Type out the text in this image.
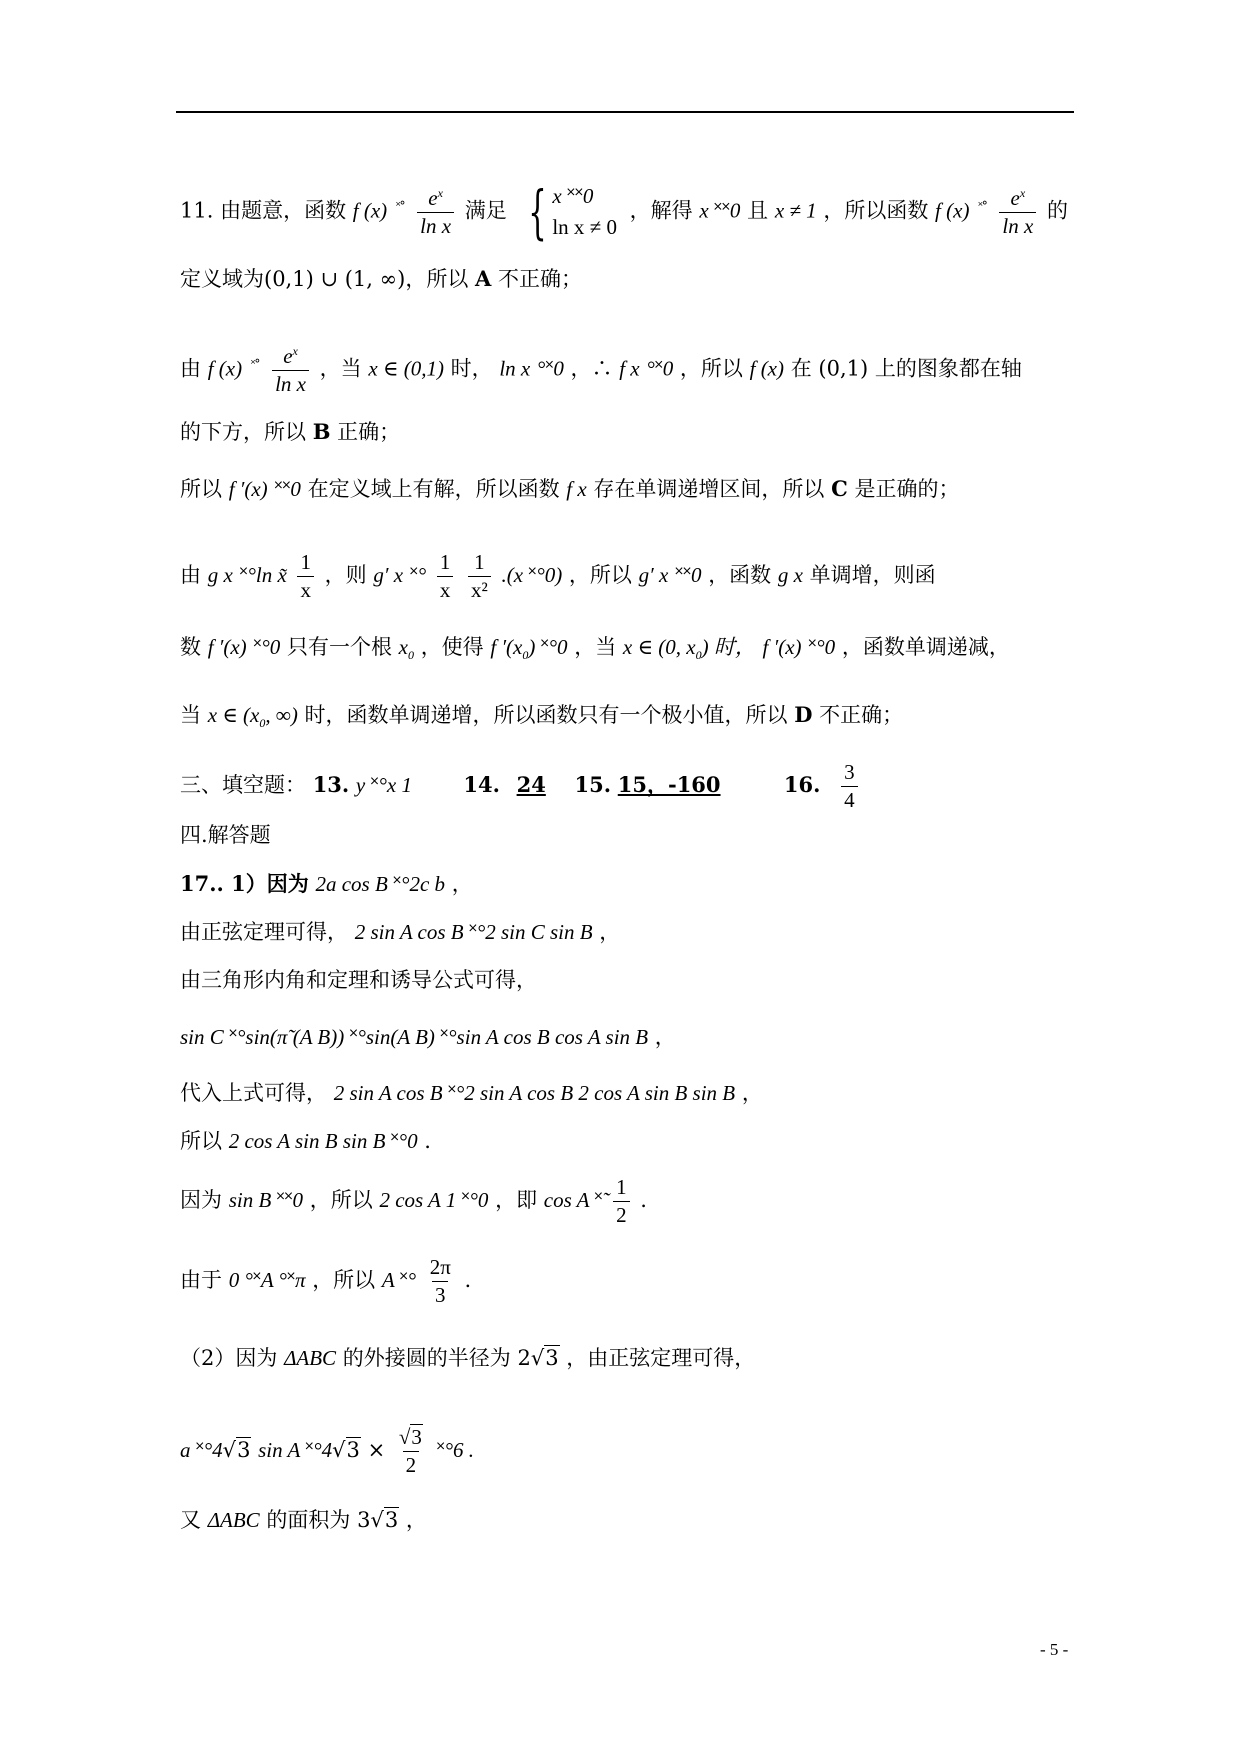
11. 由题意，函数 f (x) $^{˟^\circ} \frac{e^x}{\text{ln x}}$ 满足 { x ˟˟0
ln x ≠ 0
，解得 x ˟˟0 且 x ≠ 1 ，所以函数 f (x) $^{˟^\circ} \frac{e^x}{\text{ln x}}$ 的
定义域为(0,1) ∪ (1, ∞)，所以 A 不正确；
由 f (x) $^{˟^\circ} \frac{e^x}{\text{ln x}}$ ，当 x ∈ (0,1) 时， ln x °˟0 ，∴ f x °˟0 ，所以 f (x) 在 (0,1) 上的图象都在轴
的下方，所以 B 正确；
所以 f ′(x) ˟˟0 在定义域上有解，所以函数 f x 存在单调递增区间，所以 C 是正确的；
由 g x ˟°ln x̃ $\frac{1}{x}$ ，则 g′ x ˟° $\frac{1}{x}$
$\frac{1}{\text{x²}} .(x$ ˟°0) ，所以 g′ x ˟˟0 ，函数 g x 单调增，则函
数 f ′(x) ˟°0 只有一个根 $x_0$ ，使得 f $'(x_0)$ ˟°0 ，当 x ∈ (0, $x_0$) 时， f ′(x) ˟°0 ，函数单调递减，
当 x ∈ ($x_0$, ∞) 时，函数单调递增，所以函数只有一个极小值，所以 D 不正确；
三、填空题： 13. y ˟°x 1 14. 24 15. 15，-160	16. $\frac{3}{4}$
四.解答题
17.. 1）因为 2a cos B ˟°2c b ，
由正弦定理可得， 2 sin A cos B ˟°2 sin C sin B ，
由三角形内角和定理和诱导公式可得，
sin C ˟°sin(π̃ (A B)) ˟°sin(A B) ˟°sin A cos B cos A sin B ，
代入上式可得， 2 sin A cos B ˟°2 sin A cos B 2 cos A sin B sin B ，
所以 2 cos A sin B sin B ˟°0 .
因为 sin B ˟˟0 ，所以 2 cos A 1 ˟°0 ，即 cos A ˟̃ $\frac{1}{2}$ .
由于 0 °˟A °˟π ，所以 A ˟° $\frac{2\pi}{3}$ .
（2）因为 ΔABC 的外接圆的半径为 2√3 ，由正弦定理可得，
a ˟°4√3 sin A ˟°4√3 × $\frac{√3}{2}$ ˟°6 .
又 ΔABC 的面积为 3√3 ，
- 5 -
